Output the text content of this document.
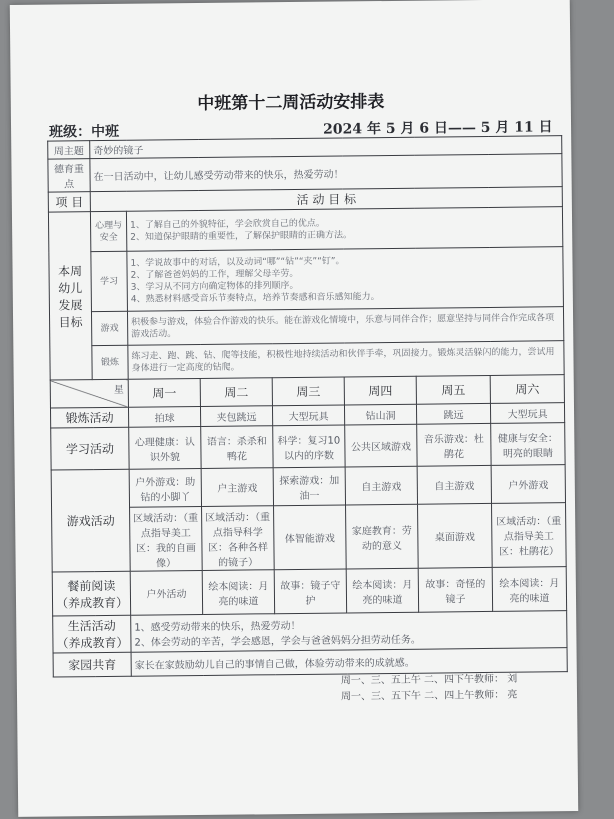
中班第十二周活动安排表
班级：中班	2024 年 5 月 6 日—— 5 月 11 日
周主题	奇妙的镜子						
德育重点	在一日活动中，让幼儿感受劳动带来的快乐，热爱劳动！						
项 目	活 动 目 标						
本周幼儿发展目标	心理与安全	1、了解自己的外貌特征，学会欣赏自己的优点。
2、知道保护眼睛的重要性，了解保护眼睛的正确方法。					

	学习	1、学说故事中的对话，以及动词“哪”“钻”“夹”“钉”。
2、了解爸爸妈妈的工作，理解父母辛劳。
3、学习从不同方向确定物体的排列顺序。
4、熟悉材料感受音乐节奏特点，培养节奏感和音乐感知能力。					

	游戏	积极参与游戏，体验合作游戏的快乐。能在游戏化情境中，乐意与同伴合作；愿意坚持与同伴合作完成各项游戏活动。					
	锻炼	练习走、跑、跳、钻、爬等技能，积极性地持续活动和伙伴手牵，巩固接力。锻炼灵活躲闪的能力，尝试用身体进行一定高度的钻爬。					

星		周一	周二	周三	周四	周五	周六
锻炼活动		拍球	夹包跳远	大型玩具	钻山洞	跳远	大型玩具
学习活动		心理健康：认识外貌	语言：杀杀和鸭花	科学：复习10以内的序数	公共区域游戏	音乐游戏：杜鹃花	健康与安全：明亮的眼睛
游戏活动		户外游戏：助钻的小脚丫	户主游戏	探索游戏：加油一	自主游戏	自主游戏	户外游戏
		区域活动：（重点指导美工区：我的自画像）	区域活动：（重点指导科学区：各种各样的镜子）	体智能游戏	家庭教育：劳动的意义	桌面游戏	区域活动：（重点指导美工区：杜鹃花）
餐前阅读（养成教育）		户外活动	绘本阅读：月亮的味道	故事：镜子守护	绘本阅读：月亮的味道	故事：奇怪的镜子	绘本阅读：月亮的味道
生活活动（养成教育）		1、感受劳动带来的快乐，热爱劳动！
2、体会劳动的辛苦，学会感恩，学会与爸爸妈妈分担劳动任务。					

家园共育		家长在家鼓励幼儿自己的事情自己做，体验劳动带来的成就感。					
周一、三、五上午 二、四下午教师： 刘
周一、三、五下午 二、四上午教师： 亮
